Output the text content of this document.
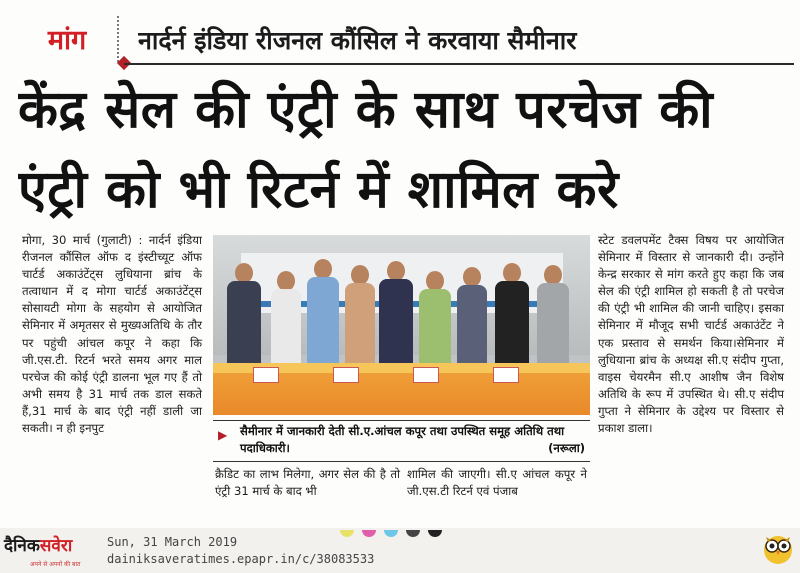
मांग	नार्दर्न इंडिया रीजनल कौंसिल ने करवाया सैमीनार
केंद्र सेल की एंट्री के साथ परचेज की
एंट्री को भी रिटर्न में शामिल करे

मोगा, 30 मार्च (गुलाटी) : नार्दर्न इंडिया रीजनल कौंसिल ऑफ द इंस्टीच्यूट ऑफ चार्टर्ड अकाउंटेंट्स लुधियाना ब्रांच के तत्वाधान में द मोगा चार्टर्ड अकाउंटेंट्स सोसायटी मोगा के सहयोग से आयोजित सेमिनार में अमृतसर से मुख्यअतिथि के तौर पर पहुंची आंचल कपूर ने कहा कि जी.एस.टी. रिटर्न भरते समय अगर माल परचेज की कोई एंट्री डालना भूल गए हैं तो अभी समय है 31 मार्च तक डाल सकते हैं,31 मार्च के बाद एंट्री नहीं डाली जा सकती। न ही इनपुट	▶ सैमीनार में जानकारी देती सी.ए.आंचल कपूर तथा उपस्थित समूह अतिथि तथा पदाधिकारी।	(नरूला)

क्रैडिट का लाभ मिलेगा, अगर सेल की है तो एंट्री 31 मार्च के बाद भी

शामिल की जाएगी। सी.ए आंचल कपूर ने जी.एस.टी रिटर्न एवं पंजाब

स्टेट डवलपमेंट टैक्स विषय पर आयोजित सेमिनार में विस्तार से जानकारी दी। उन्होंने केन्द्र सरकार से मांग करते हुए कहा कि जब सेल की एंट्री शामिल हो सकती है तो परचेज की एंट्री भी शामिल की जानी चाहिए। इसका सेमिनार में मौजूद सभी चार्टर्ड अकाउंटेंट ने एक प्रस्ताव से समर्थन किया।सेमिनार में लुधियाना ब्रांच के अध्यक्ष सी.ए संदीप गुप्ता, वाइस चेयरमैन सी.ए आशीष जैन विशेष अतिथि के रूप में उपस्थित थे। सी.ए संदीप गुप्ता ने सेमिनार के उद्देश्य पर विस्तार से प्रकाश डाला।

दैनिकसवेरा
अपने से अपनों की बात
Sun, 31 March 2019
dainiksaveratimes.epapr.in/c/38083533
